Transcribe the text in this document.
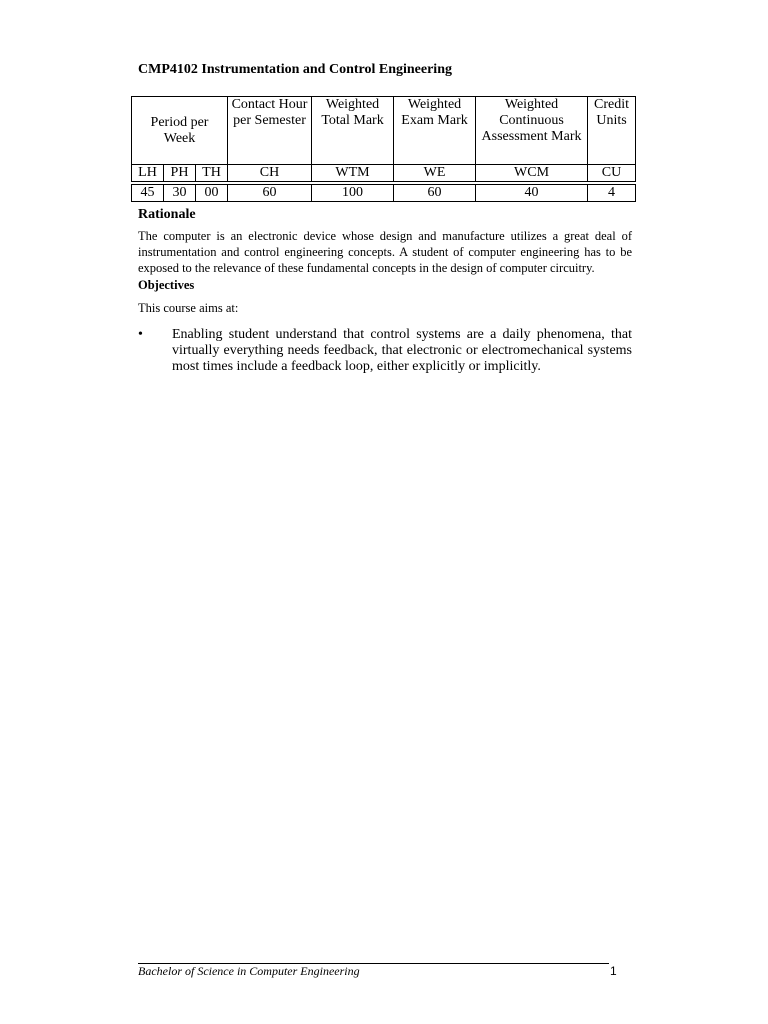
CMP4102 Instrumentation and Control Engineering
Period per Week			Contact Hour per Semester	Weighted Total Mark	Weighted Exam Mark	Weighted Continuous Assessment Mark	Credit Units
LH	PH	TH	CH	WTM	WE	WCM	CU

45	30	00	60	100	60	40	4
Rationale
The computer is an electronic device whose design and manufacture utilizes a great deal of instrumentation and control engineering concepts. A student of computer engineering has to be exposed to the relevance of these fundamental concepts in the design of computer circuitry.
Objectives
This course aims at:
• Enabling student understand that control systems are a daily phenomena, that virtually everything needs feedback, that electronic or electromechanical systems most times include a feedback loop, either explicitly or implicitly.
Bachelor of Science in Computer Engineering	1
